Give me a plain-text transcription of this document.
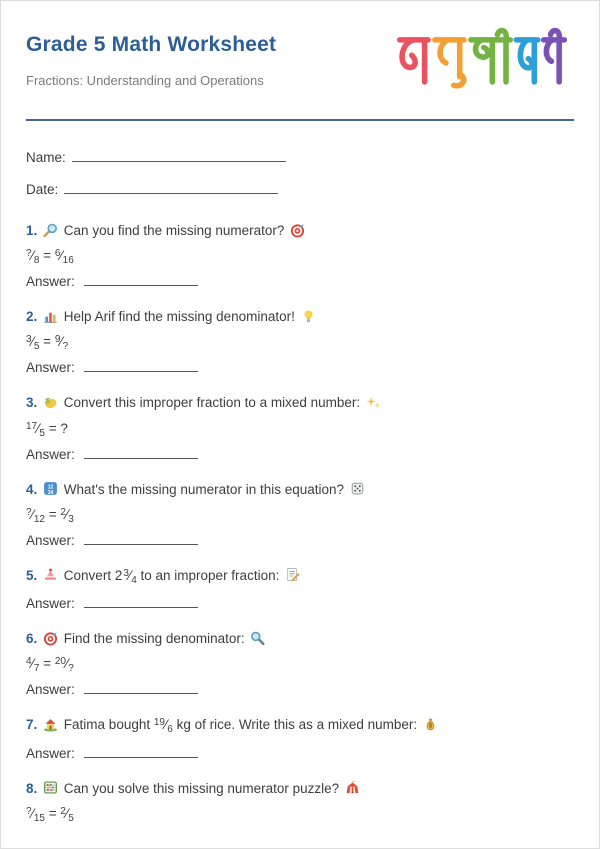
Grade 5 Math Worksheet

Fractions: Understanding and Operations

Name:
Date:
1. Can you find the missing numerator?
$^?⁄_8$ = $^6⁄_{16}$
Answer:
2. Help Arif find the missing denominator!
$^3⁄_5$ = $^9⁄_?$
Answer:
3. Convert this improper fraction to a mixed number:
$^{17}⁄_5$ = ?
Answer:
4. What's the missing numerator in this equation?
$^?⁄_{12}$ = $^2⁄_3$
Answer:
5. Convert $2^3⁄_4$ to an improper fraction:
Answer:
6. Find the missing denominator:
$^4⁄_7$ = $^{20}⁄_?$
Answer:
7. Fatima bought $^{19}⁄_6$ kg of rice. Write this as a mixed number:
Answer:
8. Can you solve this missing numerator puzzle?
$^?⁄_{15}$ = $^2⁄_5$
